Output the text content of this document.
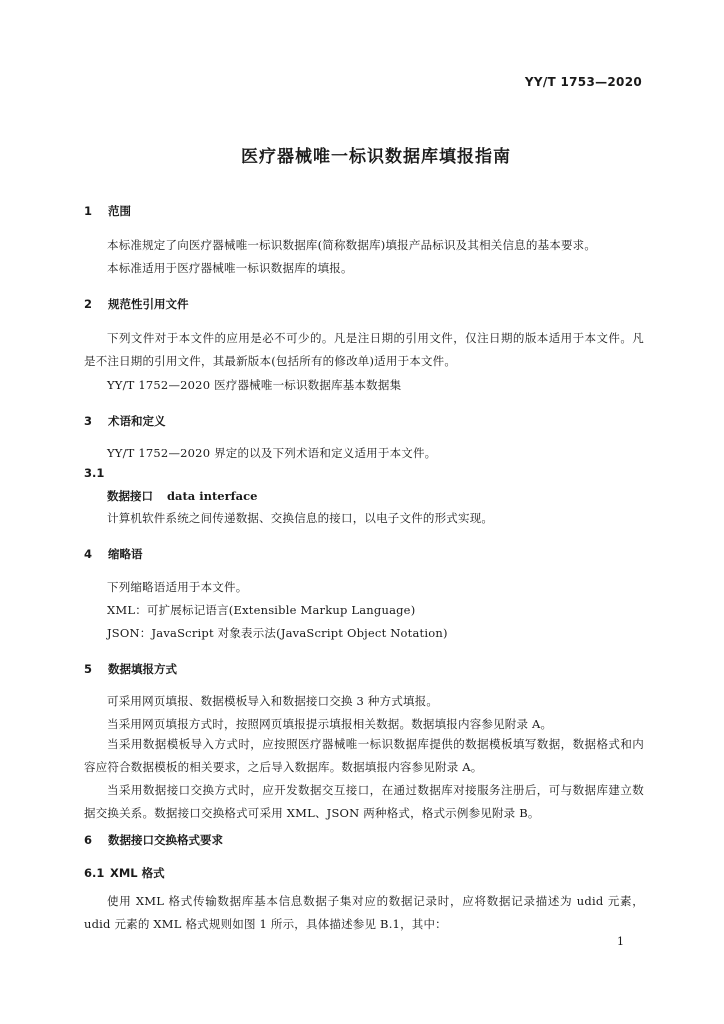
YY/T 1753—2020
医疗器械唯一标识数据库填报指南
1 范围
本标准规定了向医疗器械唯一标识数据库(简称数据库)填报产品标识及其相关信息的基本要求。
本标准适用于医疗器械唯一标识数据库的填报。
2 规范性引用文件
下列文件对于本文件的应用是必不可少的。凡是注日期的引用文件，仅注日期的版本适用于本文件。凡是不注日期的引用文件，其最新版本(包括所有的修改单)适用于本文件。
YY/T 1752—2020 医疗器械唯一标识数据库基本数据集
3 术语和定义
YY/T 1752—2020 界定的以及下列术语和定义适用于本文件。
3.1
数据接口 data interface
计算机软件系统之间传递数据、交换信息的接口，以电子文件的形式实现。
4 缩略语
下列缩略语适用于本文件。
XML：可扩展标记语言(Extensible Markup Language)
JSON：JavaScript 对象表示法(JavaScript Object Notation)
5 数据填报方式
可采用网页填报、数据模板导入和数据接口交换 3 种方式填报。
当采用网页填报方式时，按照网页填报提示填报相关数据。数据填报内容参见附录 A。
当采用数据模板导入方式时，应按照医疗器械唯一标识数据库提供的数据模板填写数据，数据格式和内容应符合数据模板的相关要求，之后导入数据库。数据填报内容参见附录 A。
当采用数据接口交换方式时，应开发数据交互接口，在通过数据库对接服务注册后，可与数据库建立数据交换关系。数据接口交换格式可采用 XML、JSON 两种格式，格式示例参见附录 B。
6 数据接口交换格式要求
6.1 XML 格式
使用 XML 格式传输数据库基本信息数据子集对应的数据记录时，应将数据记录描述为 udid 元素，udid 元素的 XML 格式规则如图 1 所示，具体描述参见 B.1，其中：
1
